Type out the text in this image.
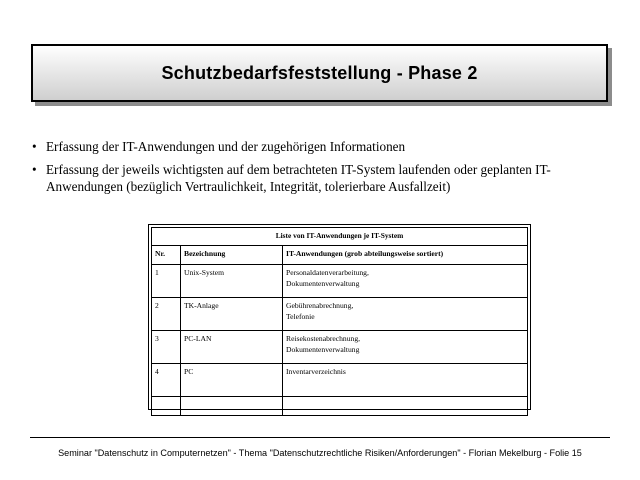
Schutzbedarfsfeststellung - Phase 2
• Erfassung der IT-Anwendungen und der zugehörigen Informationen
• Erfassung der jeweils wichtigsten auf dem betrachteten IT-System laufenden oder geplanten IT-Anwendungen (bezüglich Vertraulichkeit, Integrität, tolerierbare Ausfallzeit)
Liste von IT-Anwendungen je IT-System		
Nr.	Bezeichnung	IT-Anwendungen (grob abteilungsweise sortiert)
1	Unix-System	Personaldatenverarbeitung,
Dokumentenverwaltung

2	TK-Anlage	Gebührenabrechnung,
Telefonie

3	PC-LAN	Reisekostenabrechnung,
Dokumentenverwaltung

4	PC	Inventarverzeichnis

Seminar "Datenschutz in Computernetzen" - Thema "Datenschutzrechtliche Risiken/Anforderungen" - Florian Mekelburg - Folie 15
